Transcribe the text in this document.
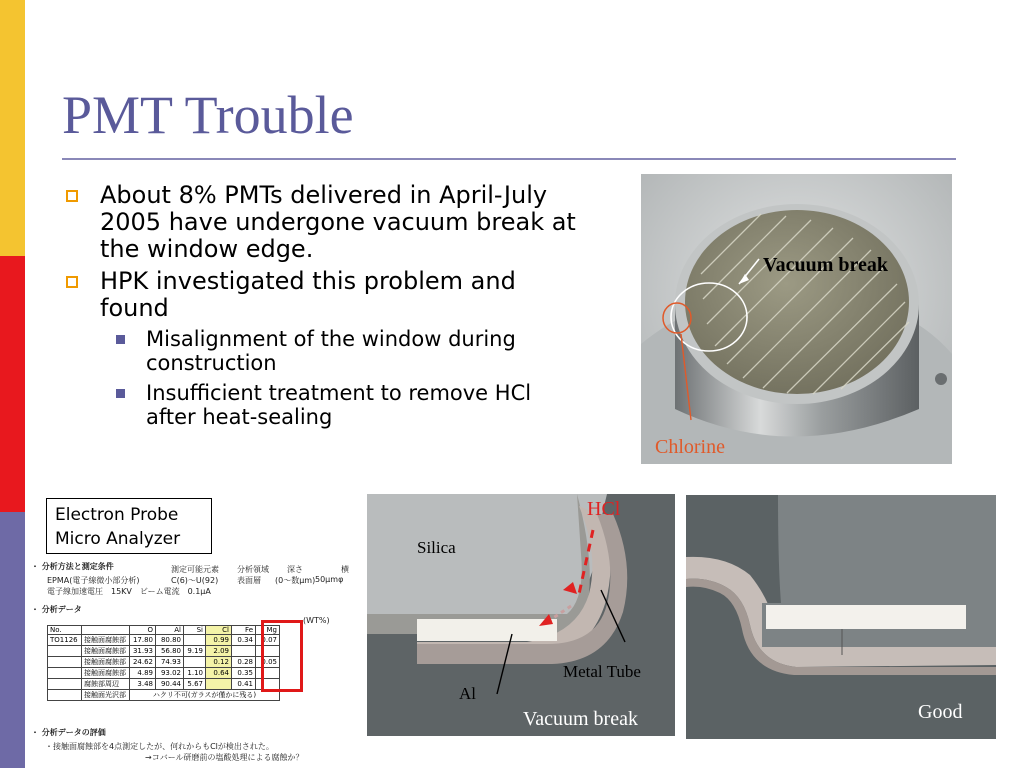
PMT Trouble
About 8% PMTs delivered in April-July 2005 have undergone vacuum break at the window edge.
HPK investigated this problem and found
Misalignment of the window during construction
Insufficient treatment to remove HCl after heat-sealing
Vacuum break
Chlorine
・ 分析方法と測定条件
EPMA(電子線微小部分析)
電子線加速電圧　15KV　ビーム電流　0.1μA
測定可能元素
C(6)～U(92)
分析領域
表面層
深さ
(0～数μm)
横
50μmφ
・ 分析データ
(WT%)
No.		O	Al	Si	Cl	Fe	Mg
TO1126	接触面腐蝕部	17.80	80.80		0.99	0.34	0.07
	接触面腐蝕部	31.93	56.80	9.19	2.09		
	接触面腐蝕部	24.62	74.93		0.12	0.28	0.05
	接触面腐蝕部	4.89	93.02	1.10	0.64	0.35	
	腐蝕部周辺	3.48	90.44	5.67		0.41	
	接触面光沢部	ハクリ不可(ガラスが僅かに残る)					
・ 分析データの評価
・接触面腐蝕部を4点測定したが、何れからもClが検出された。
→コバール研磨前の塩酸処理による腐蝕か？
Electron Probe
Micro Analyzer
HCl
Silica
Metal Tube
Al
Vacuum break	Good
